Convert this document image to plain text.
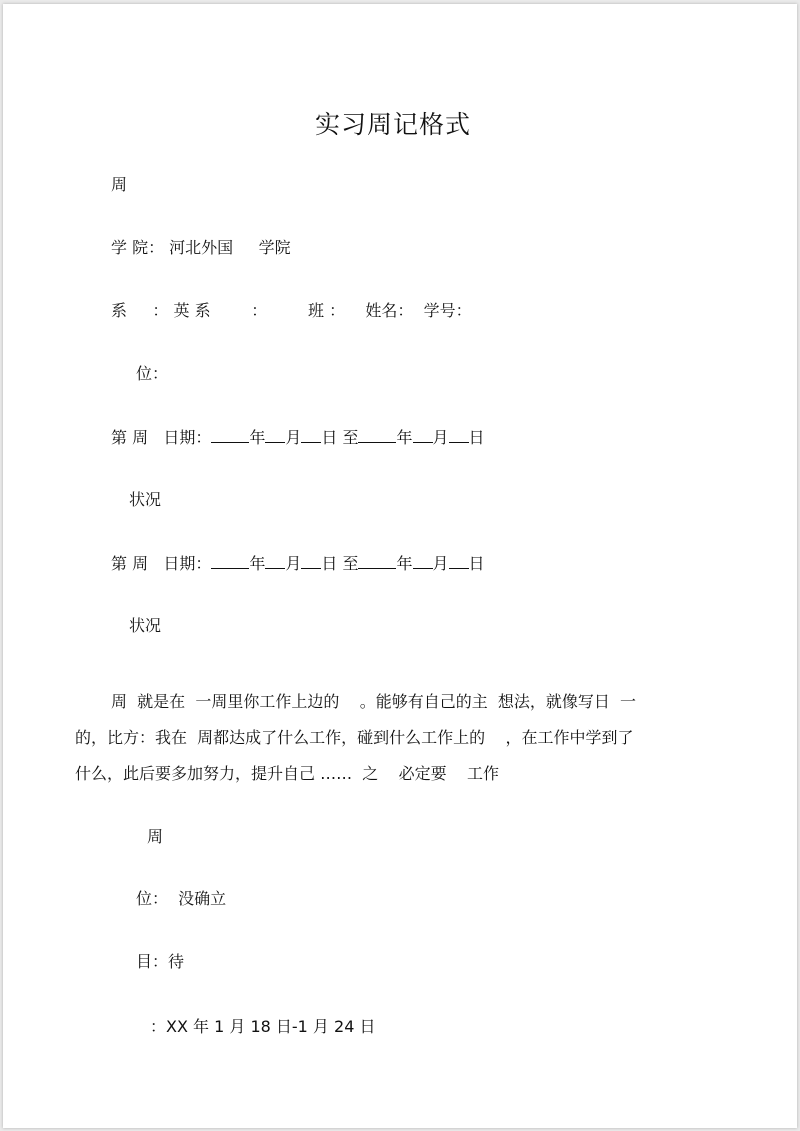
实习周记格式
周
学 院： 河北外国     学院
系     ： 英 系        ：        班 ：    姓名：  学号：
位：
第 周   日期： 年 月 日 至 年 月 日
状况
第 周   日期： 年 月 日 至 年 月 日
状况
周  就是在  一周里你工作上边的    。能够有自己的主  想法，就像写日  一
的，比方：我在  周都达成了什么工作，碰到什么工作上的    ，在工作中学到了
什么，此后要多加努力，提升自己 ……  之    必定要    工作
周
位：  没确立
目：待
：XX 年 1 月 18 日-1 月 24 日
